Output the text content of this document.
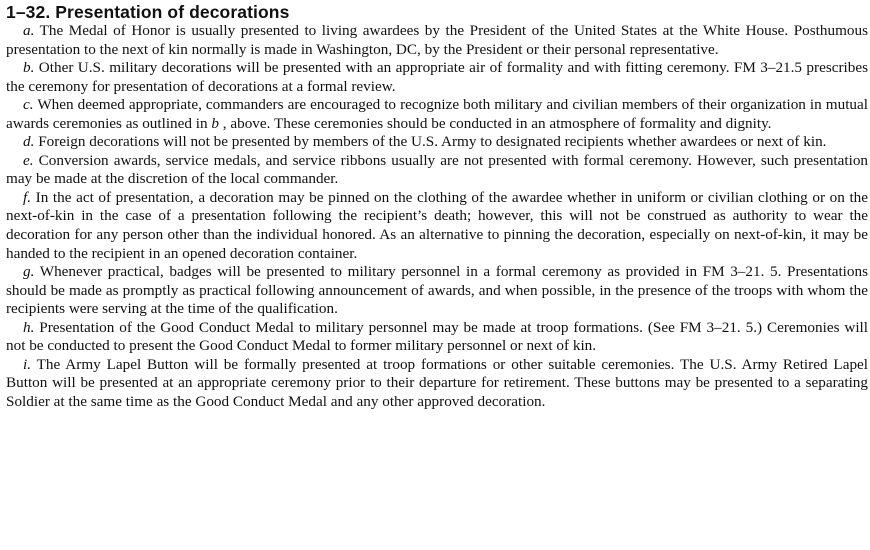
1–32. Presentation of decorations

a. The Medal of Honor is usually presented to living awardees by the President of the United States at the White House. Posthumous presentation to the next of kin normally is made in Washington, DC, by the President or their personal representative.

b. Other U.S. military decorations will be presented with an appropriate air of formality and with fitting ceremony. FM 3–21.5 prescribes the ceremony for presentation of decorations at a formal review.

c. When deemed appropriate, commanders are encouraged to recognize both military and civilian members of their organization in mutual awards ceremonies as outlined in b , above. These ceremonies should be conducted in an atmosphere of formality and dignity.

d. Foreign decorations will not be presented by members of the U.S. Army to designated recipients whether awardees or next of kin.

e. Conversion awards, service medals, and service ribbons usually are not presented with formal ceremony. However, such presentation may be made at the discretion of the local commander.

f. In the act of presentation, a decoration may be pinned on the clothing of the awardee whether in uniform or civilian clothing or on the next-of-kin in the case of a presentation following the recipient’s death; however, this will not be construed as authority to wear the decoration for any person other than the individual honored. As an alternative to pinning the decoration, especially on next-of-kin, it may be handed to the recipient in an opened decoration container.

g. Whenever practical, badges will be presented to military personnel in a formal ceremony as provided in FM 3–21. 5. Presentations should be made as promptly as practical following announcement of awards, and when possible, in the presence of the troops with whom the recipients were serving at the time of the qualification.

h. Presentation of the Good Conduct Medal to military personnel may be made at troop formations. (See FM 3–21. 5.) Ceremonies will not be conducted to present the Good Conduct Medal to former military personnel or next of kin.

i. The Army Lapel Button will be formally presented at troop formations or other suitable ceremonies. The U.S. Army Retired Lapel Button will be presented at an appropriate ceremony prior to their departure for retirement. These buttons may be presented to a separating Soldier at the same time as the Good Conduct Medal and any other approved decoration.
